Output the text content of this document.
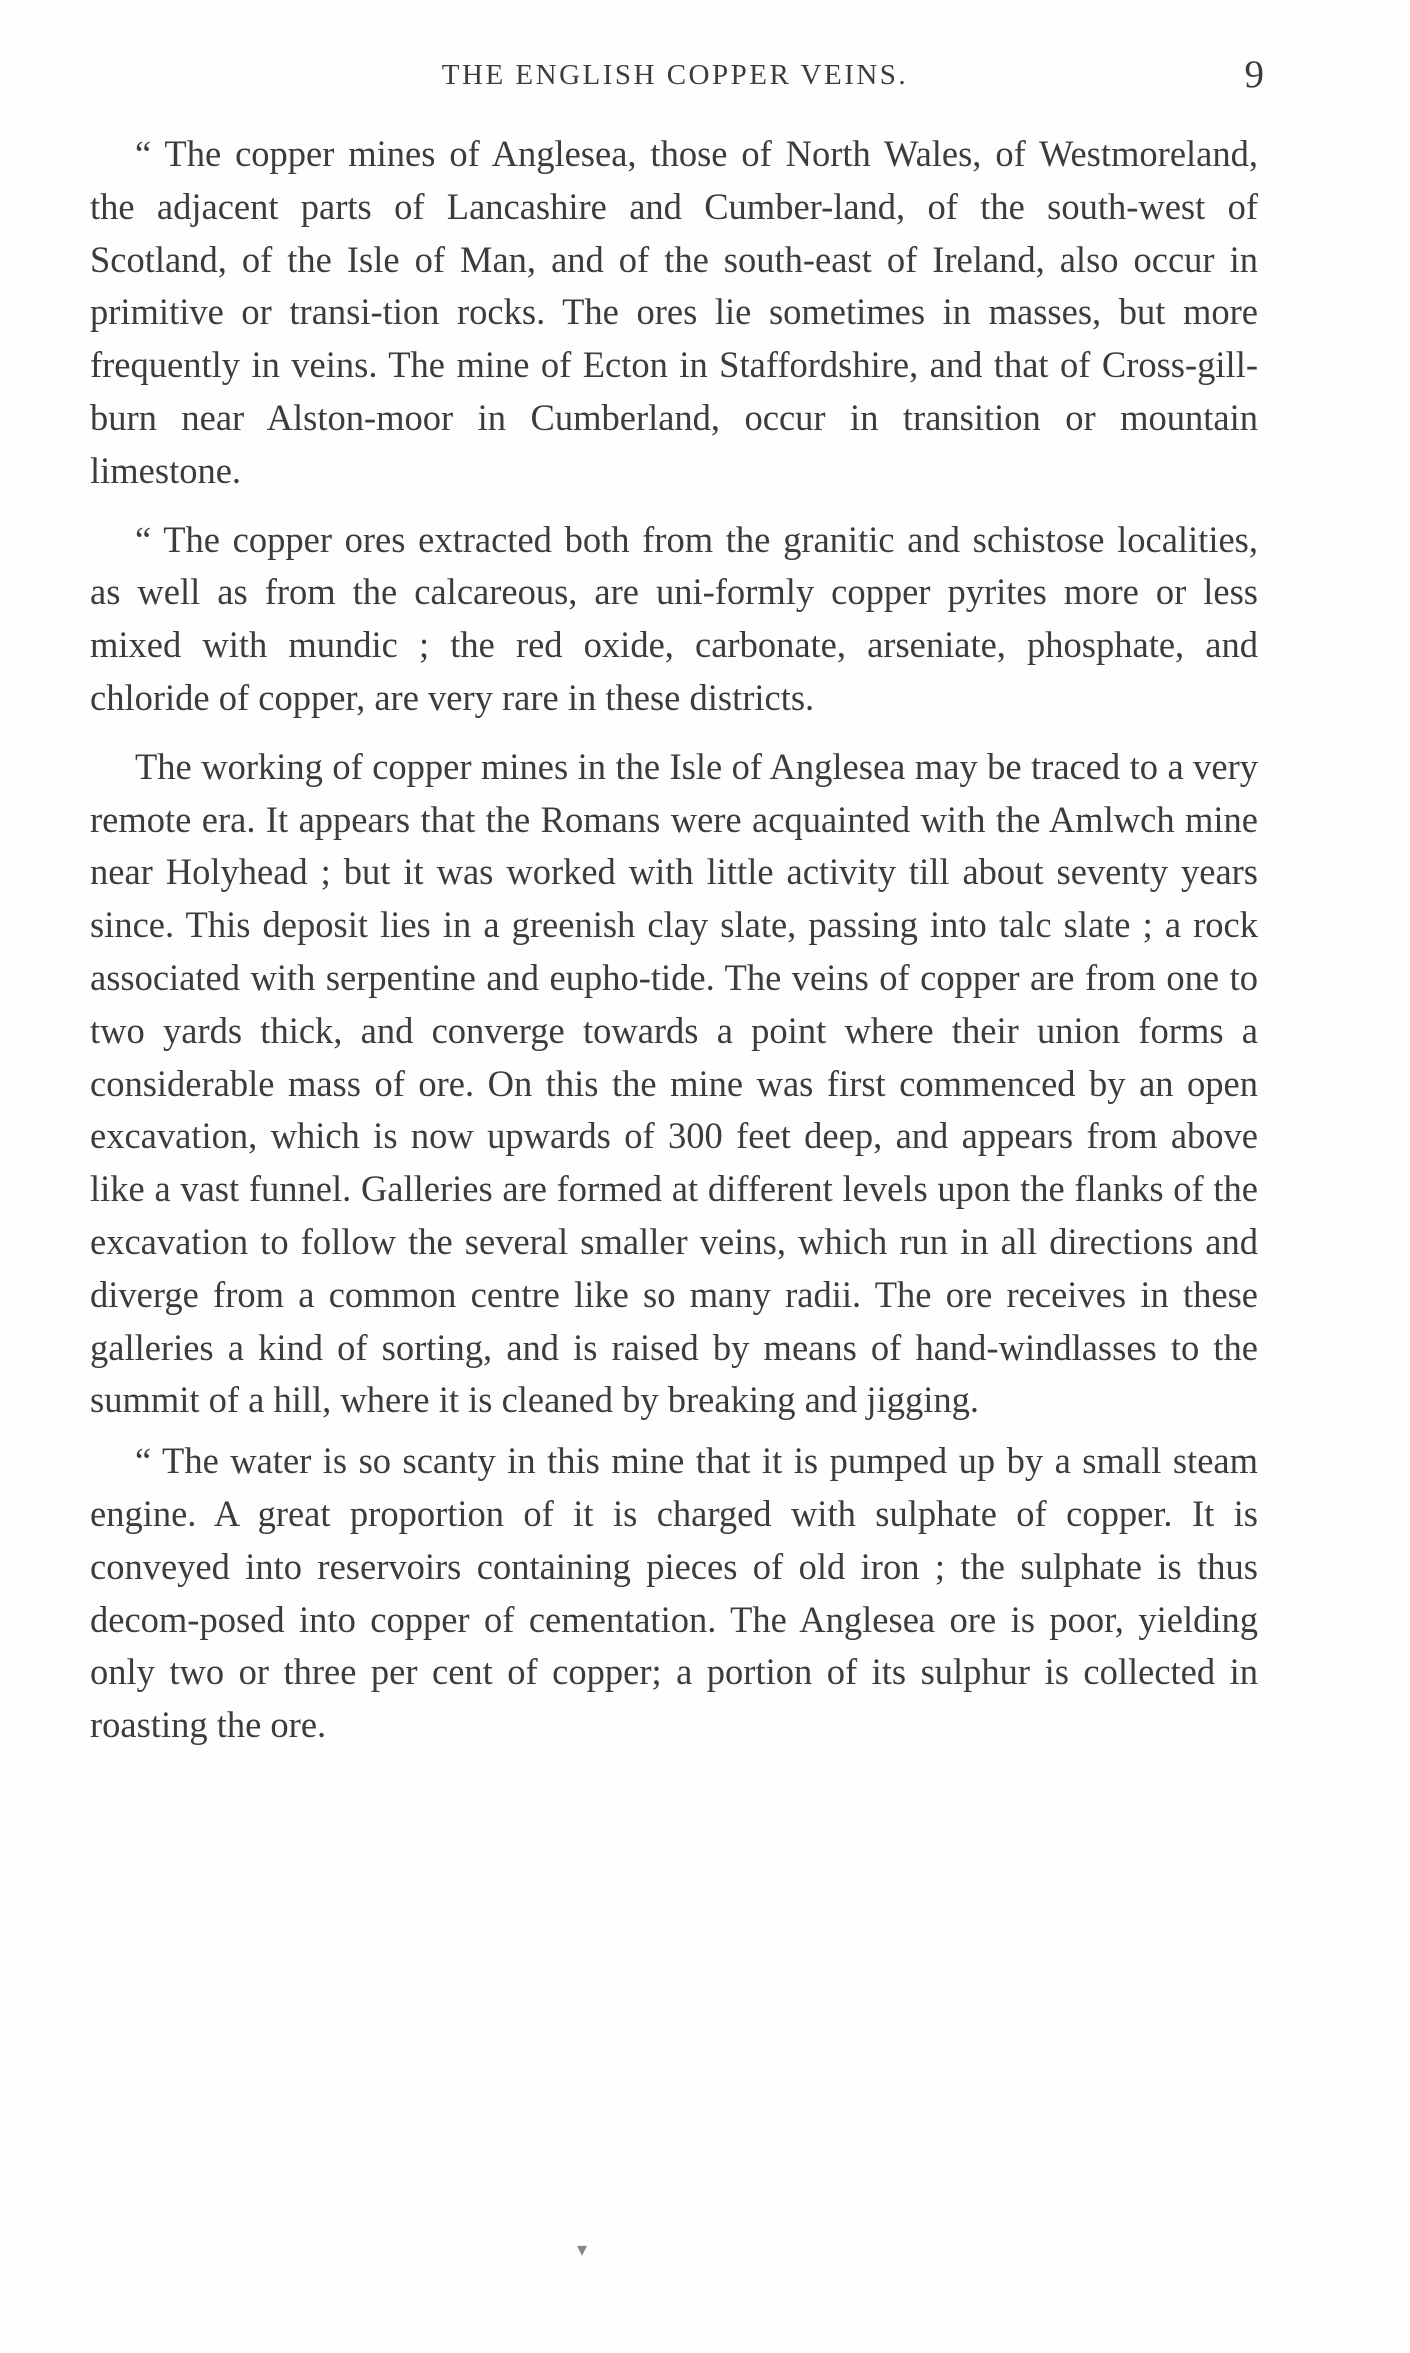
THE ENGLISH COPPER VEINS.	9

“ The copper mines of Anglesea, those of North Wales, of Westmoreland, the adjacent parts of Lancashire and Cumber-land, of the south-west of Scotland, of the Isle of Man, and of the south-east of Ireland, also occur in primitive or transi-tion rocks. The ores lie sometimes in masses, but more frequently in veins. The mine of Ecton in Staffordshire, and that of Cross-gill-burn near Alston-moor in Cumberland, occur in transition or mountain limestone.

“ The copper ores extracted both from the granitic and schistose localities, as well as from the calcareous, are uni-formly copper pyrites more or less mixed with mundic ; the red oxide, carbonate, arseniate, phosphate, and chloride of copper, are very rare in these districts.

The working of copper mines in the Isle of Anglesea may be traced to a very remote era. It appears that the Romans were acquainted with the Amlwch mine near Holyhead ; but it was worked with little activity till about seventy years since. This deposit lies in a greenish clay slate, passing into talc slate ; a rock associated with serpentine and eupho-tide. The veins of copper are from one to two yards thick, and converge towards a point where their union forms a considerable mass of ore. On this the mine was first commenced by an open excavation, which is now upwards of 300 feet deep, and appears from above like a vast funnel. Galleries are formed at different levels upon the flanks of the excavation to follow the several smaller veins, which run in all directions and diverge from a common centre like so many radii. The ore receives in these galleries a kind of sorting, and is raised by means of hand-windlasses to the summit of a hill, where it is cleaned by breaking and jigging.

“ The water is so scanty in this mine that it is pumped up by a small steam engine. A great proportion of it is charged with sulphate of copper. It is conveyed into reservoirs containing pieces of old iron ; the sulphate is thus decom-posed into copper of cementation. The Anglesea ore is poor, yielding only two or three per cent of copper; a portion of its sulphur is collected in roasting the ore.

▾
